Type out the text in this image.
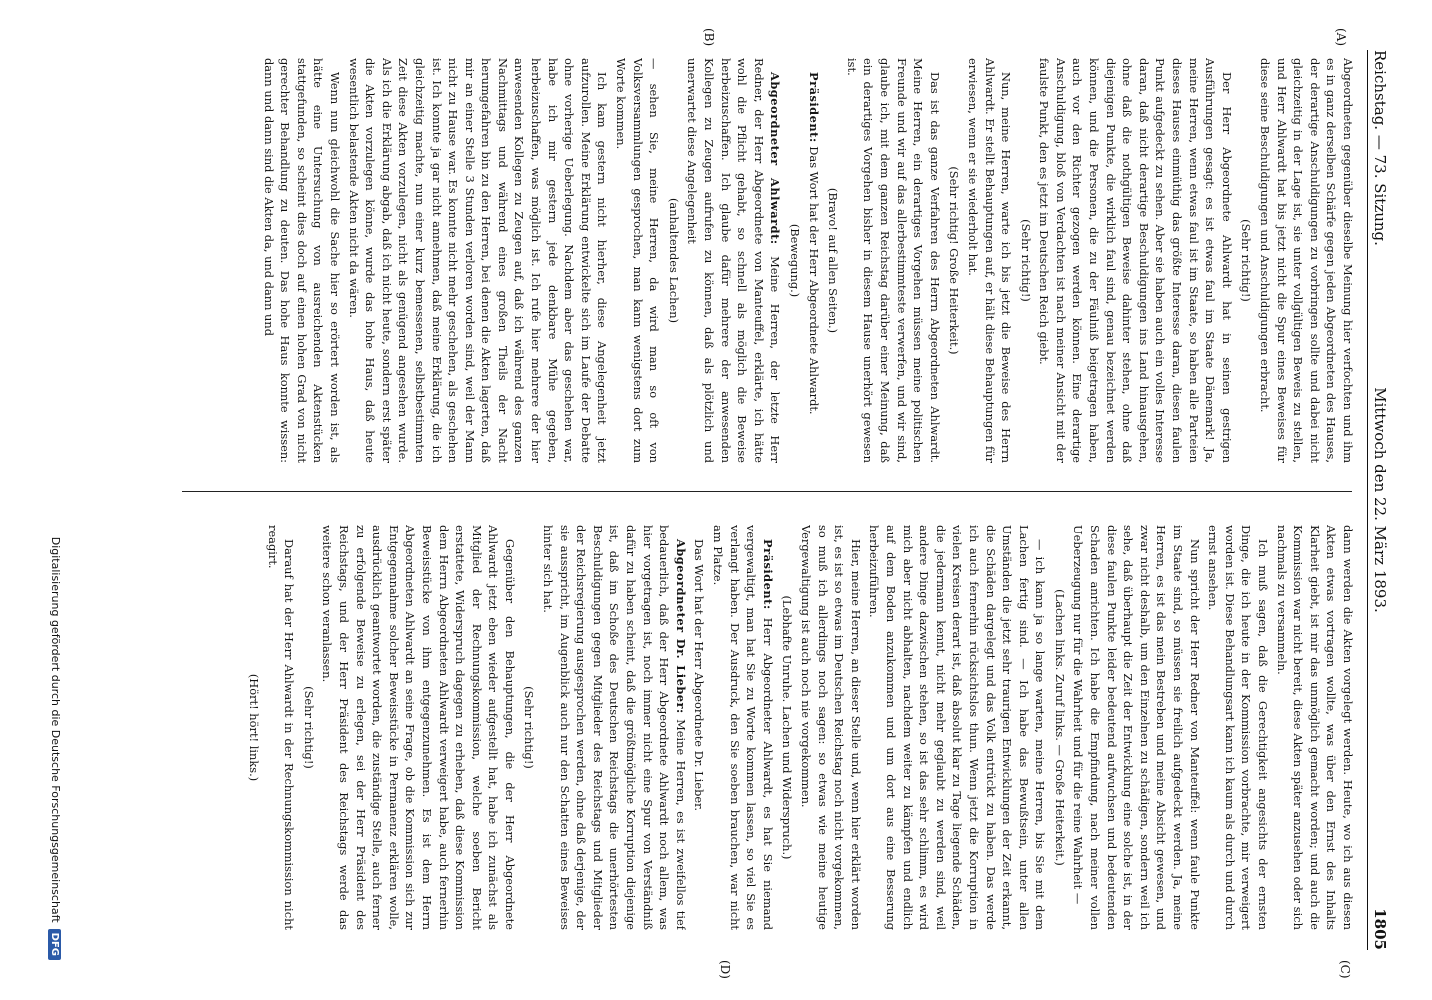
Reichstag. — 73. Sitzung.
Mittwoch den 22. März 1893.
1805
(A)
(B)
(C)
(D)

Abgeordneten gegenüber dieselbe Meinung hier verfochten und ihm es in ganz derselben Schärfe gegen jeden Abgeordneten des Hauses, der derartige Anschuldigungen zu vorbringen sollte und dabei nicht gleichzeitig in der Lage ist, sie unter vollgültigen Beweis zu stellen, und Herr Ahlwardt hat bis jetzt nicht die Spur eines Beweises für diese seine Beschuldigungen und Anschuldigungen erbracht.

(Sehr richtig!)

Der Herr Abgeordnete Ahlwardt hat in seinen gestrigen Ausführungen gesagt: es ist etwas faul im Staate Dänemark! Ja, meine Herren, wenn etwas faul ist im Staate, so haben alle Parteien dieses Hauses einmüthig das größte Interesse daran, diesen faulen Punkt aufgedeckt zu sehen. Aber sie haben auch ein volles Interesse daran, daß nicht derartige Beschuldigungen ins Land hinausgehen, ohne daß die nothgültigen Beweise dahinter stehen, ohne daß diejenigen Punkte, die wirklich faul sind, genau bezeichnet werden können, und die Personen, die zu der Fäulniß beigetragen haben, auch vor den Richter gezogen werden können. Eine derartige Anschuldigung, bloß von Verdachten ist nach meiner Ansicht mit der faulste Punkt, den es jetzt im Deutschen Reich giebt.

(Sehr richtig!)

Nun, meine Herren, warte ich bis jetzt die Beweise des Herrn Ahlwardt. Er stellt Behauptungen auf, er hält diese Behauptungen für erwiesen, wenn er sie wiederholt hat.

(Sehr richtig! Große Heiterkeit.)

Das ist das ganze Verfahren des Herrn Abgeordneten Ahlwardt. Meine Herren, ein derartiges Vorgehen müssen meine politischen Freunde und wir auf das allerbestimmteste verwerfen, und wir sind, glaube ich, mit dem ganzen Reichstag darüber einer Meinung, daß ein derartiges Vorgehen bisher in diesem Hause unerhört gewesen ist.

(Bravo! auf allen Seiten.)

Präsident: Das Wort hat der Herr Abgeordnete Ahlwardt.

(Bewegung.)

Abgeordneter Ahlwardt: Meine Herren, der letzte Herr Redner, der Herr Abgeordnete von Manteuffel, erklärte, ich hätte wohl die Pflicht gehabt, so schnell als möglich die Beweise herbeizuschaffen. Ich glaube dafür mehrere der anwesenden Kollegen zu Zeugen aufrufen zu können, daß als plötzlich und unerwartet diese Angelegenheit

(anhaltendes Lachen)

— sehen Sie, meine Herren, da wird man so oft von Volksversammlungen gesprochen, man kann wenigstens dort zum Worte kommen.

Ich kam gestern nicht hierher, diese Angelegenheit jetzt aufzurollen. Meine Erklärung entwickelte sich im Laufe der Debatte ohne vorherige Ueberlegung. Nachdem aber das geschehen war, habe ich mir gestern jede denkbare Mühe gegeben, herbeizuschaffen, was möglich ist. Ich rufe hier mehrere der hier anwesenden Kollegen zu Zeugen auf, daß ich während des ganzen Nachmittags und während eines großen Theils der Nacht herumgefahren bin zu den Herren, bei denen die Akten lagerten, daß mir an einer Stelle 3 Stunden verloren worden sind, weil der Mann nicht zu Hause war. Es konnte nicht mehr geschehen, als geschehen ist. Ich konnte ja gar nicht annehmen, daß meine Erklärung, die ich gleichzeitig machte, nun einer kurz bemessenen, selbstbestimmten Zeit diese Akten vorzulegen, nicht als genügend angesehen wurde. Als ich die Erklärung abgab, daß ich nicht heute, sondern erst später die Akten vorzulegen könne, wurde das hohe Haus, daß heute wesentlich belastende Akten nicht da wären.

Wenn nun gleichwohl die Sache hier so erörtert worden ist, als hätte eine Untersuchung von ausreichenden Aktenstücken stattgefunden, so scheint dies doch auf einen hohen Grad von nicht gerechter Behandlung zu deuten. Das hohe Haus konnte wissen: dann und dann sind die Akten da, und dann und

dann werden die Akten vorgelegt werden. Heute, wo ich aus diesen Akten etwas vortragen wollte, was über den Ernst des Inhalts Klarheit giebt, ist mir das unmöglich gemacht worden; und auch die Kommission war nicht bereit, diese Akten später anzusehen oder sich nachmals zu versammeln.

Ich muß sagen, daß die Gerechtigkeit angesichts der ernsten Dinge, die ich heute in der Kommission vorbrachte, mir verweigert worden ist. Diese Behandlungsart kann ich kaum als durch und durch ernst ansehen.

Nun spricht der Herr Redner von Manteuffel: wenn faule Punkte im Staate sind, so müssen sie freilich aufgedeckt werden. Ja, meine Herren, es ist das mein Bestreben und meine Absicht gewesen, und zwar nicht deshalb, um den Einzelnen zu schädigen, sondern weil ich sehe, daß überhaupt die Zeit der Entwicklung eine solche ist, in der diese faulen Punkte leider bedeutend aufwuchsen und bedeutenden Schaden anrichten. Ich habe die Empfindung, nach meiner vollen Ueberzeugung nur für die Wahrheit und für die reine Wahrheit —

(Lachen links. Zuruf links. — Große Heiterkeit.)

— ich kann ja so lange warten, meine Herren, bis Sie mit dem Lachen fertig sind. — Ich habe das Bewußtsein, unter allen Umständen die jetzt sehr traurigen Entwicklungen der Zeit erkannt, die Schäden dargelegt und das Volk entrückt zu haben. Das werde ich auch fernerhin rücksichtslos thun. Wenn jetzt die Korruption in vielen Kreisen derart ist, daß absolut klar zu Tage liegende Schäden, die jedermann kennt, nicht mehr geglaubt zu werden sind, weil andere Dinge dazwischen stehen, so ist das sehr schlimm, es wird mich aber nicht abhalten, nachdem weiter zu kämpfen und endlich auf dem Boden anzukommen und um dort aus eine Besserung herbeizuführen.

Hier, meine Herren, an dieser Stelle und, wenn hier erklärt worden ist, es ist so etwas im Deutschen Reichstag noch nicht vorgekommen, so muß ich allerdings noch sagen: so etwas wie meine heutige Vergewaltigung ist auch noch nie vorgekommen.

(Lebhafte Unruhe. Lachen und Widerspruch.)

Präsident: Herr Abgeordneter Ahlwardt, es hat Sie niemand vergewaltigt, man hat Sie zu Worte kommen lassen, so viel Sie es verlangt haben. Der Ausdruck, den Sie soeben brauchen, war nicht am Platze.

Das Wort hat der Herr Abgeordnete Dr. Lieber.

Abgeordneter Dr. Lieber: Meine Herren, es ist zweifellos tief bedauerlich, daß der Herr Abgeordnete Ahlwardt noch allem, was hier vorgetragen ist, noch immer nicht eine Spur von Verständniß dafür zu haben scheint, daß die größtmögliche Korruption diejenige ist, daß im Schoße des Deutschen Reichstags die unerhörtesten Beschuldigungen gegen Mitglieder des Reichstags und Mitglieder der Reichsregierung ausgesprochen werden, ohne daß derjenige, der sie ausspricht, im Augenblick auch nur den Schatten eines Beweises hinter sich hat.

(Sehr richtig!)

Gegenüber den Behauptungen, die der Herr Abgeordnete Ahlwardt jetzt eben wieder aufgestellt hat, habe ich zunächst als Mitglied der Rechnungskommission, welche soeben Bericht erstattete, Widerspruch dagegen zu erheben, daß diese Kommission dem Herrn Abgeordneten Ahlwardt verweigert habe, auch fernerhin Beweisstücke von ihm entgegenzunehmen. Es ist dem Herrn Abgeordneten Ahlwardt an seine Frage, ob die Kommission sich zur Entgegennahme solcher Beweisstücke in Permanenz erklären wolle, ausdrücklich geantwortet worden, die zuständige Stelle, auch ferner zu erfolgende Beweise zu erlegen, sei der Herr Präsident des Reichstags, und der Herr Präsident des Reichstags werde das weitere schon veranlassen.

(Sehr richtig!)

Darauf hat der Herr Ahlwardt in der Rechnungskommission nicht reagirt.

(Hört! hört! links.)

Digitalisierung gefördert durch die Deutsche ForschungsgemeinschaftDFG
